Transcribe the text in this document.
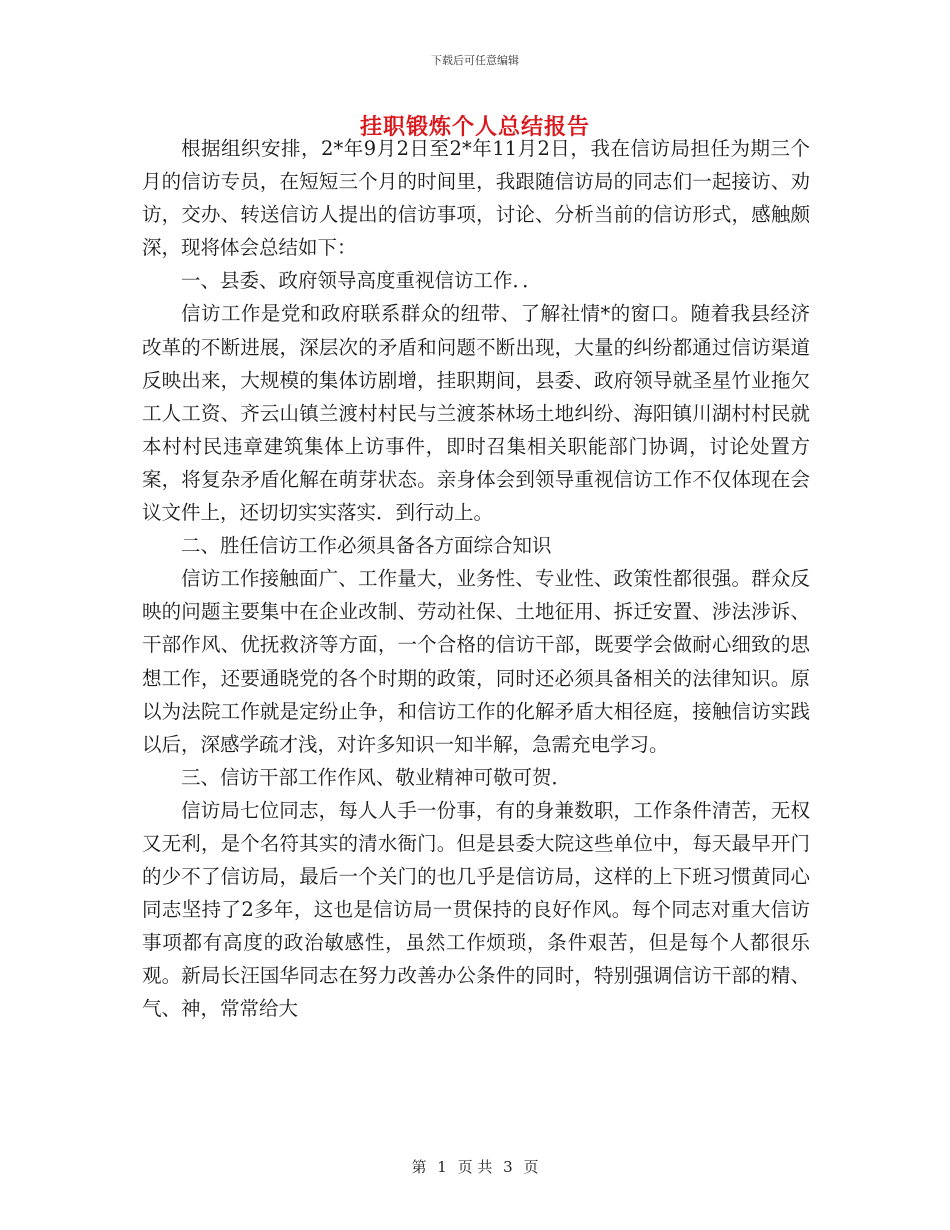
下载后可任意编辑
挂职锻炼个人总结报告

根据组织安排，2*年9月2日至2*年11月2日，我在信访局担任为期三个月的信访专员，在短短三个月的时间里，我跟随信访局的同志们一起接访、劝访，交办、转送信访人提出的信访事项，讨论、分析当前的信访形式，感触颇深，现将体会总结如下：

一、县委、政府领导高度重视信访工作．．

信访工作是党和政府联系群众的纽带、了解社情*的窗口。随着我县经济改革的不断进展，深层次的矛盾和问题不断出现，大量的纠纷都通过信访渠道反映出来，大规模的集体访剧增，挂职期间，县委、政府领导就圣星竹业拖欠工人工资、齐云山镇兰渡村村民与兰渡茶林场土地纠纷、海阳镇川湖村村民就本村村民违章建筑集体上访事件，即时召集相关职能部门协调，讨论处置方案，将复杂矛盾化解在萌芽状态。亲身体会到领导重视信访工作不仅体现在会议文件上，还切切实实落实．到行动上。

二、胜任信访工作必须具备各方面综合知识

信访工作接触面广、工作量大，业务性、专业性、政策性都很强。群众反映的问题主要集中在企业改制、劳动社保、土地征用、拆迁安置、涉法涉诉、干部作风、优抚救济等方面，一个合格的信访干部，既要学会做耐心细致的思想工作，还要通晓党的各个时期的政策，同时还必须具备相关的法律知识。原以为法院工作就是定纷止争，和信访工作的化解矛盾大相径庭，接触信访实践以后，深感学疏才浅，对许多知识一知半解，急需充电学习。

三、信访干部工作作风、敬业精神可敬可贺．

信访局七位同志，每人人手一份事，有的身兼数职，工作条件清苦，无权又无利，是个名符其实的清水衙门。但是县委大院这些单位中，每天最早开门的少不了信访局，最后一个关门的也几乎是信访局，这样的上下班习惯黄同心同志坚持了2多年，这也是信访局一贯保持的良好作风。每个同志对重大信访事项都有高度的政治敏感性，虽然工作烦琐，条件艰苦，但是每个人都很乐观。新局长汪国华同志在努力改善办公条件的同时，特别强调信访干部的精、气、神，常常给大

第 1 页 共 3 页
